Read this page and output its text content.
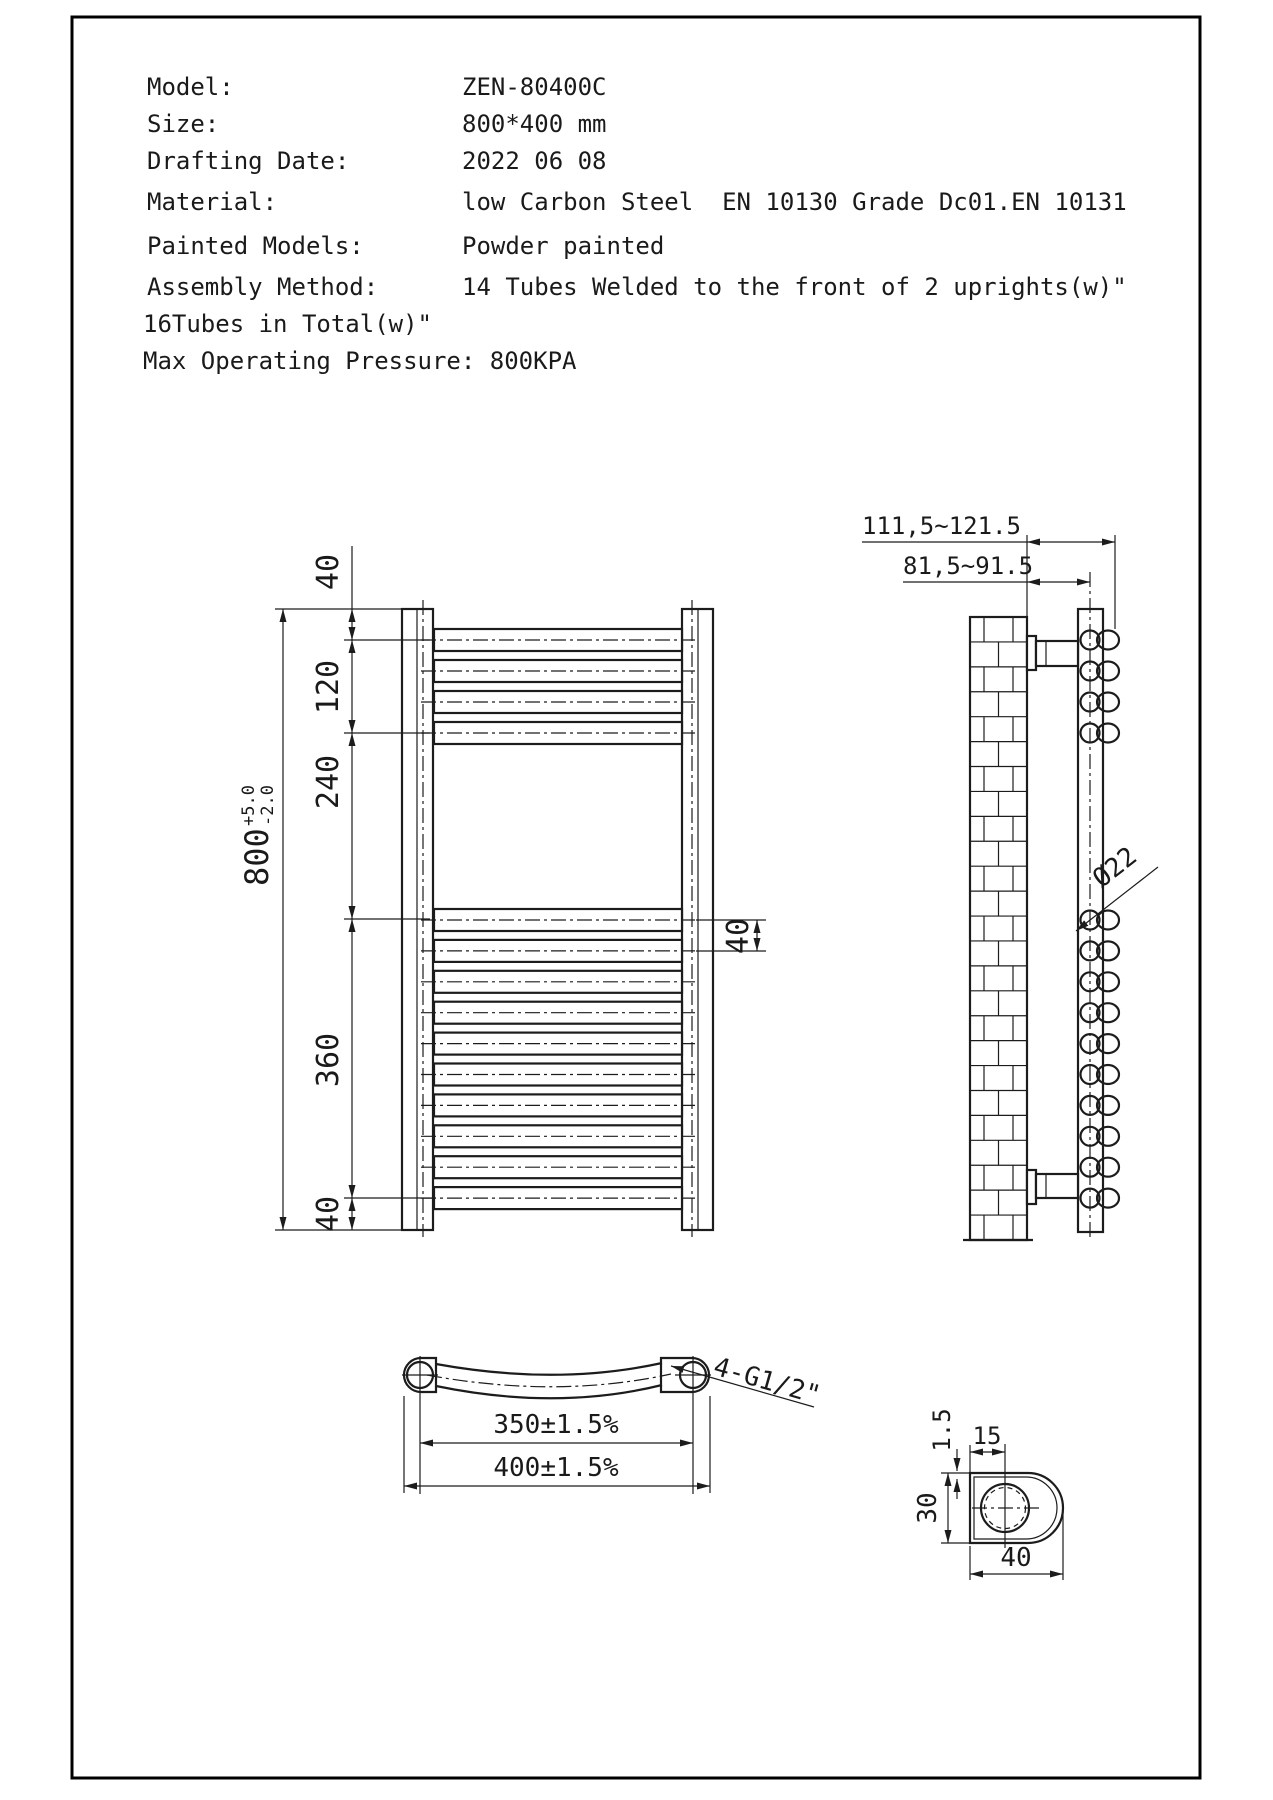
Model:	ZEN-80400C
Size:	800*400 mm
Drafting Date:	2022 06 08
Material:	low Carbon Steel  EN 10130 Grade Dc01.EN 10131
Painted Models:	Powder painted
Assembly Method:	14 Tubes Welded to the front of 2 uprights(w)"
16Tubes in Total(w)"
Max Operating Pressure: 800KPA
800
+5.0 -2.0
40
120
240
360
40
40
Ø22
111,5~121.5
81,5~91.5
4-G1/2"
350±1.5%
400±1.5%
15
1.5
30
40
